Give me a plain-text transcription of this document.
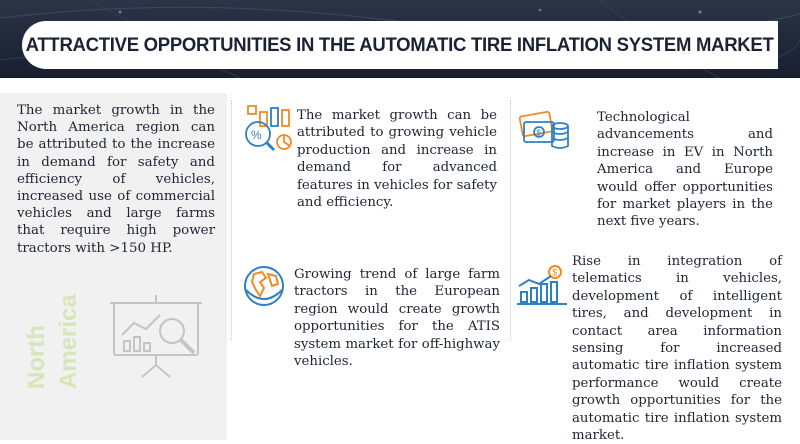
ATTRACTIVE OPPORTUNITIES IN THE AUTOMATIC TIRE INFLATION SYSTEM MARKET

The market growth in the North America region can be attributed to the increase in demand for safety and efficiency of vehicles, increased use of commercial vehicles and large farms that require high power tractors with >150 HP.

North America
%

The market growth can be attributed to growing vehicle production and increase in demand for advanced features in vehicles for safety and efficiency.

$

Technological advancements and increase in EV in North America and Europe would offer opportunities for market players in the next five years.

Growing trend of large farm tractors in the European region would create growth opportunities for the ATIS system market for off-highway vehicles.

$

Rise in integration of telematics in vehicles, development of intelligent tires, and development in contact area information sensing for increased automatic tire inflation system performance would create growth opportunities for the automatic tire inflation system market.
